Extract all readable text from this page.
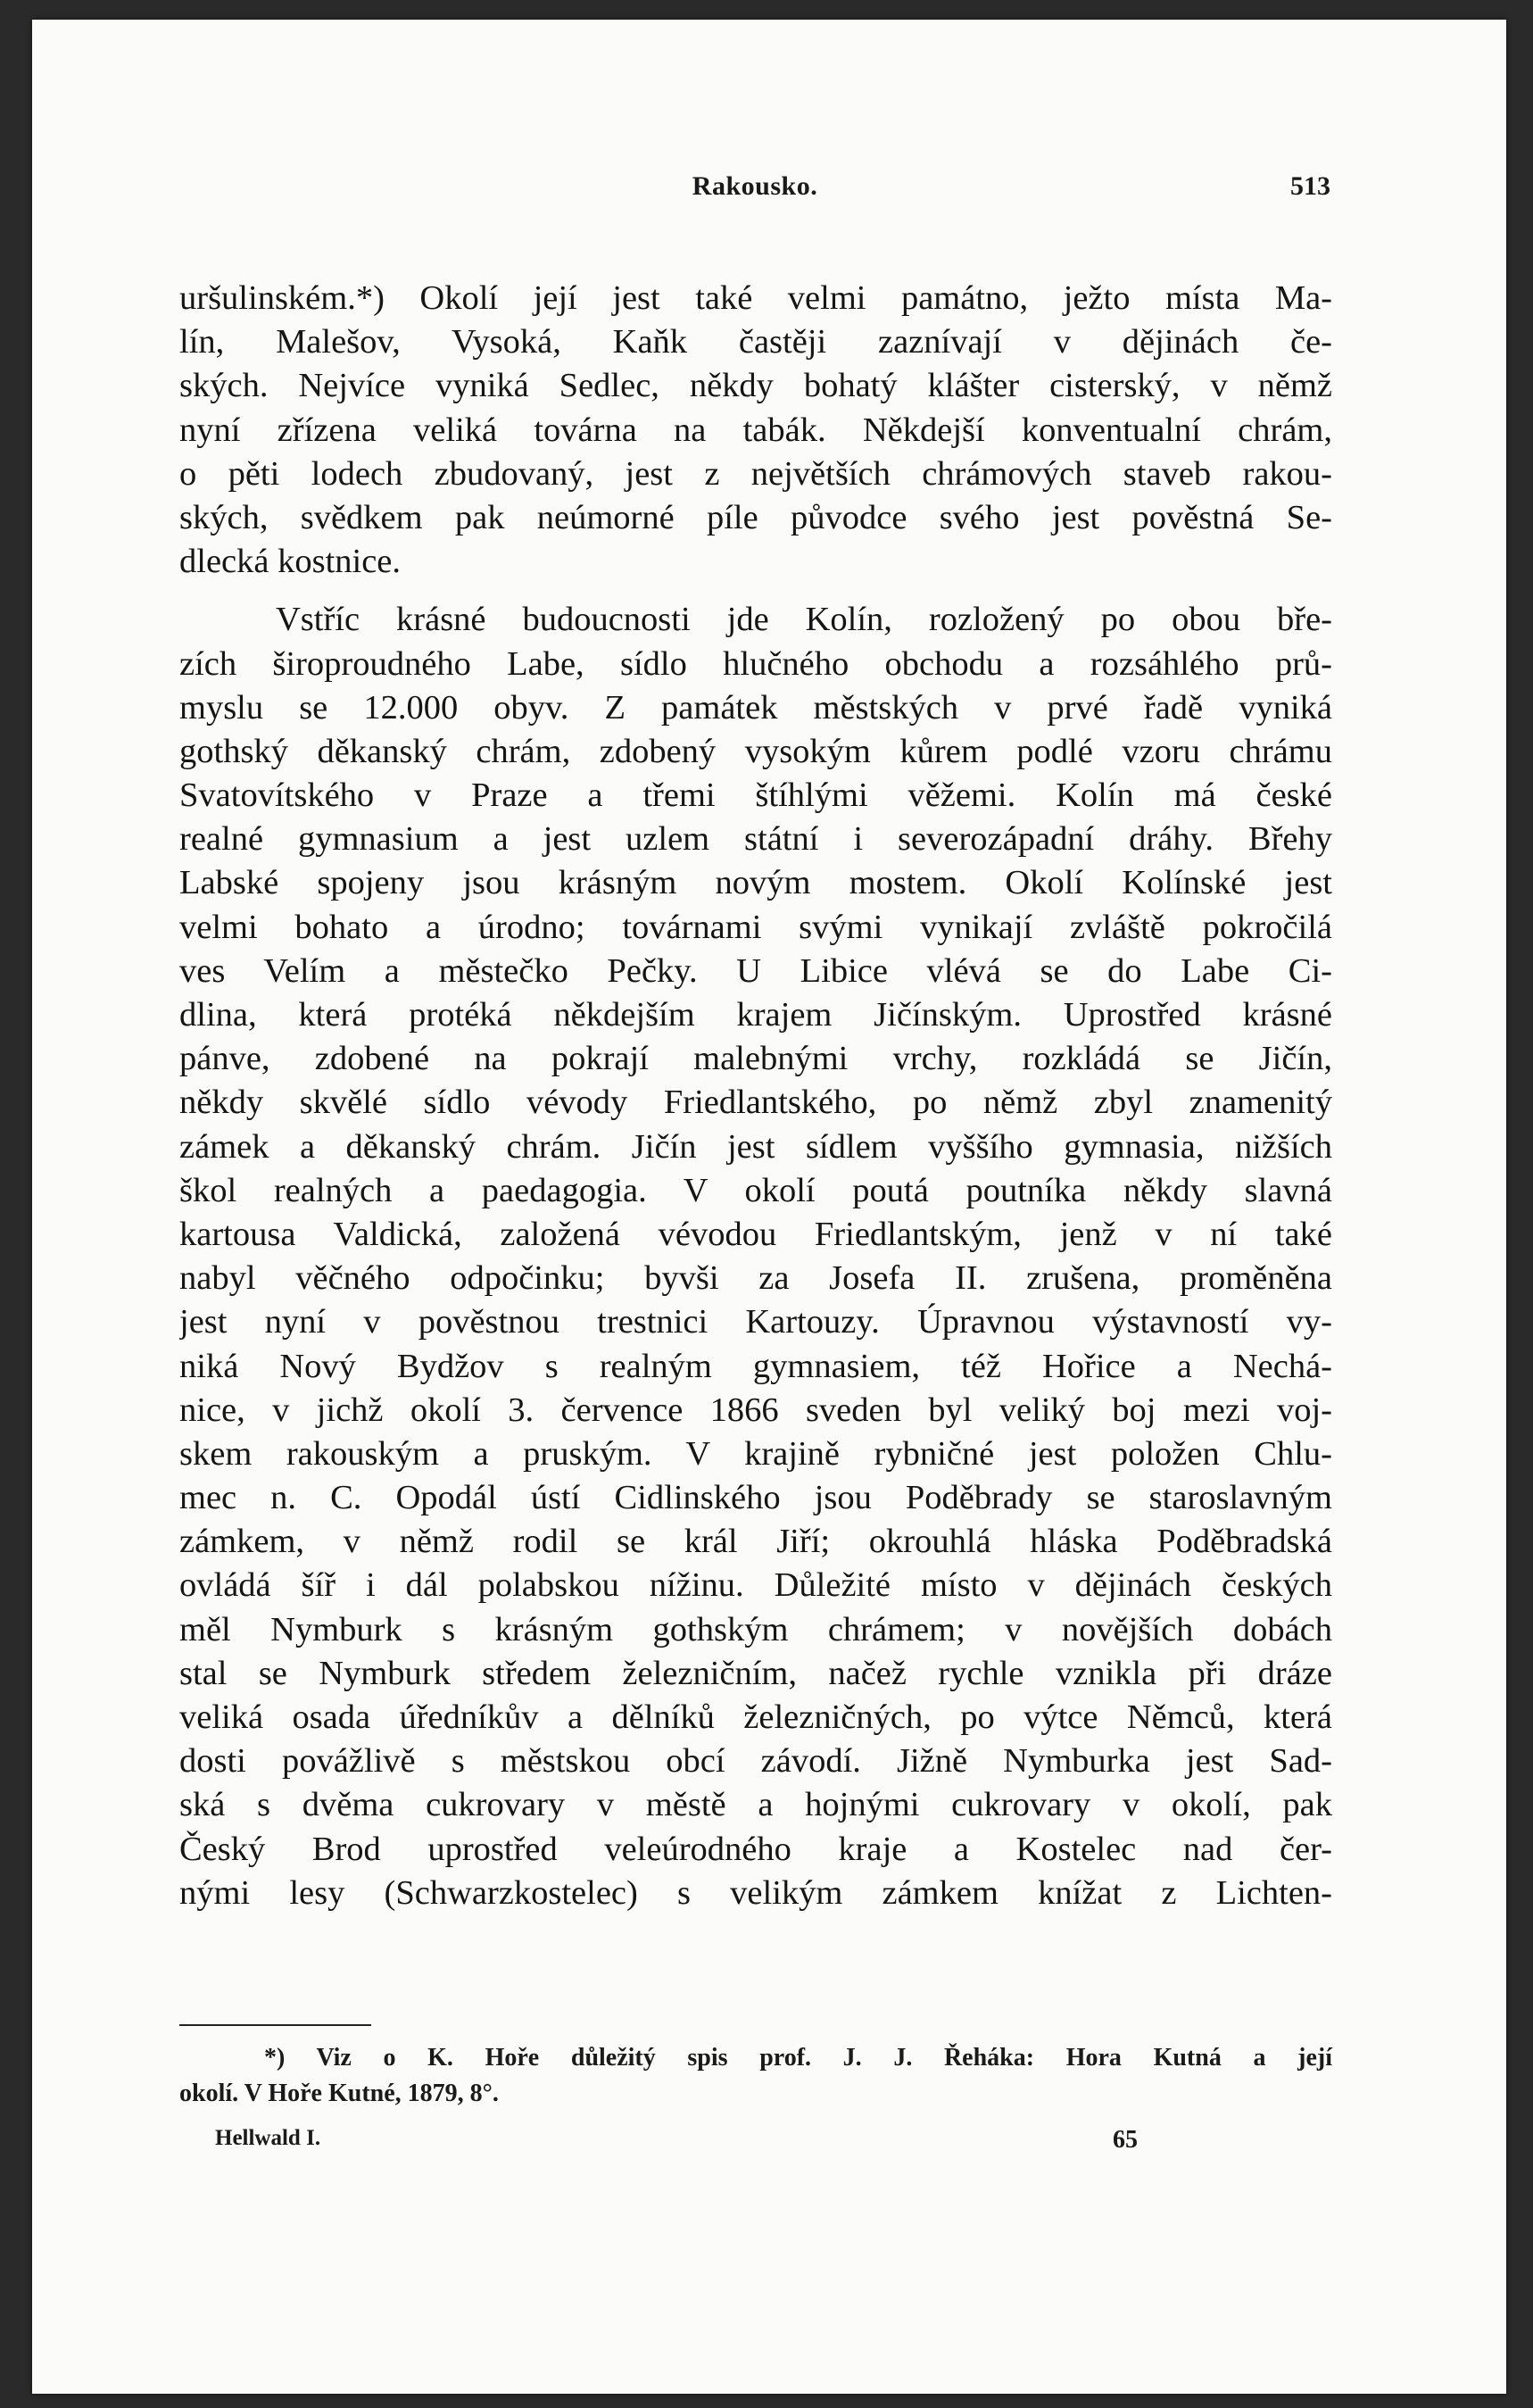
Rakousko.	513
uršulinském.*) Okolí její jest také velmi památno, ježto místa Ma-
lín, Malešov, Vysoká, Kaňk častěji zaznívají v dějinách če-
ských. Nejvíce vyniká Sedlec, někdy bohatý klášter cisterský, v němž
nyní zřízena veliká továrna na tabák. Někdejší konventualní chrám,
o pěti lodech zbudovaný, jest z největších chrámových staveb rakou-
ských, svědkem pak neúmorné píle původce svého jest pověstná Se-
dlecká kostnice.
Vstříc krásné budoucnosti jde Kolín, rozložený po obou bře-
zích široproudného Labe, sídlo hlučného obchodu a rozsáhlého prů-
myslu se 12.000 obyv. Z památek městských v prvé řadě vyniká
gothský děkanský chrám, zdobený vysokým kůrem podlé vzoru chrámu
Svatovítského v Praze a třemi štíhlými věžemi. Kolín má české
realné gymnasium a jest uzlem státní i severozápadní dráhy. Břehy
Labské spojeny jsou krásným novým mostem. Okolí Kolínské jest
velmi bohato a úrodno; továrnami svými vynikají zvláště pokročilá
ves Velím a městečko Pečky. U Libice vlévá se do Labe Ci-
dlina, která protéká někdejším krajem Jičínským. Uprostřed krásné
pánve, zdobené na pokrají malebnými vrchy, rozkládá se Jičín,
někdy skvělé sídlo vévody Friedlantského, po němž zbyl znamenitý
zámek a děkanský chrám. Jičín jest sídlem vyššího gymnasia, nižších
škol realných a paedagogia. V okolí poutá poutníka někdy slavná
kartousa Valdická, založená vévodou Friedlantským, jenž v ní také
nabyl věčného odpočinku; byvši za Josefa II. zrušena, proměněna
jest nyní v pověstnou trestnici Kartouzy. Úpravnou výstavností vy-
niká Nový Bydžov s realným gymnasiem, též Hořice a Nechá-
nice, v jichž okolí 3. července 1866 sveden byl veliký boj mezi voj-
skem rakouským a pruským. V krajině rybničné jest položen Chlu-
mec n. C. Opodál ústí Cidlinského jsou Poděbrady se staroslavným
zámkem, v němž rodil se král Jiří; okrouhlá hláska Poděbradská
ovládá šíř i dál polabskou nížinu. Důležité místo v dějinách českých
měl Nymburk s krásným gothským chrámem; v novějších dobách
stal se Nymburk středem železničním, načež rychle vznikla při dráze
veliká osada úředníkův a dělníků železničných, po výtce Němců, která
dosti povážlivě s městskou obcí závodí. Jižně Nymburka jest Sad-
ská s dvěma cukrovary v městě a hojnými cukrovary v okolí, pak
Český Brod uprostřed veleúrodného kraje a Kostelec nad čer-
nými lesy (Schwarzkostelec) s velikým zámkem knížat z Lichten-
*) Viz o K. Hoře důležitý spis prof. J. J. Řeháka: Hora Kutná a její
okolí. V Hoře Kutné, 1879, 8°.
Hellwald I.	65
